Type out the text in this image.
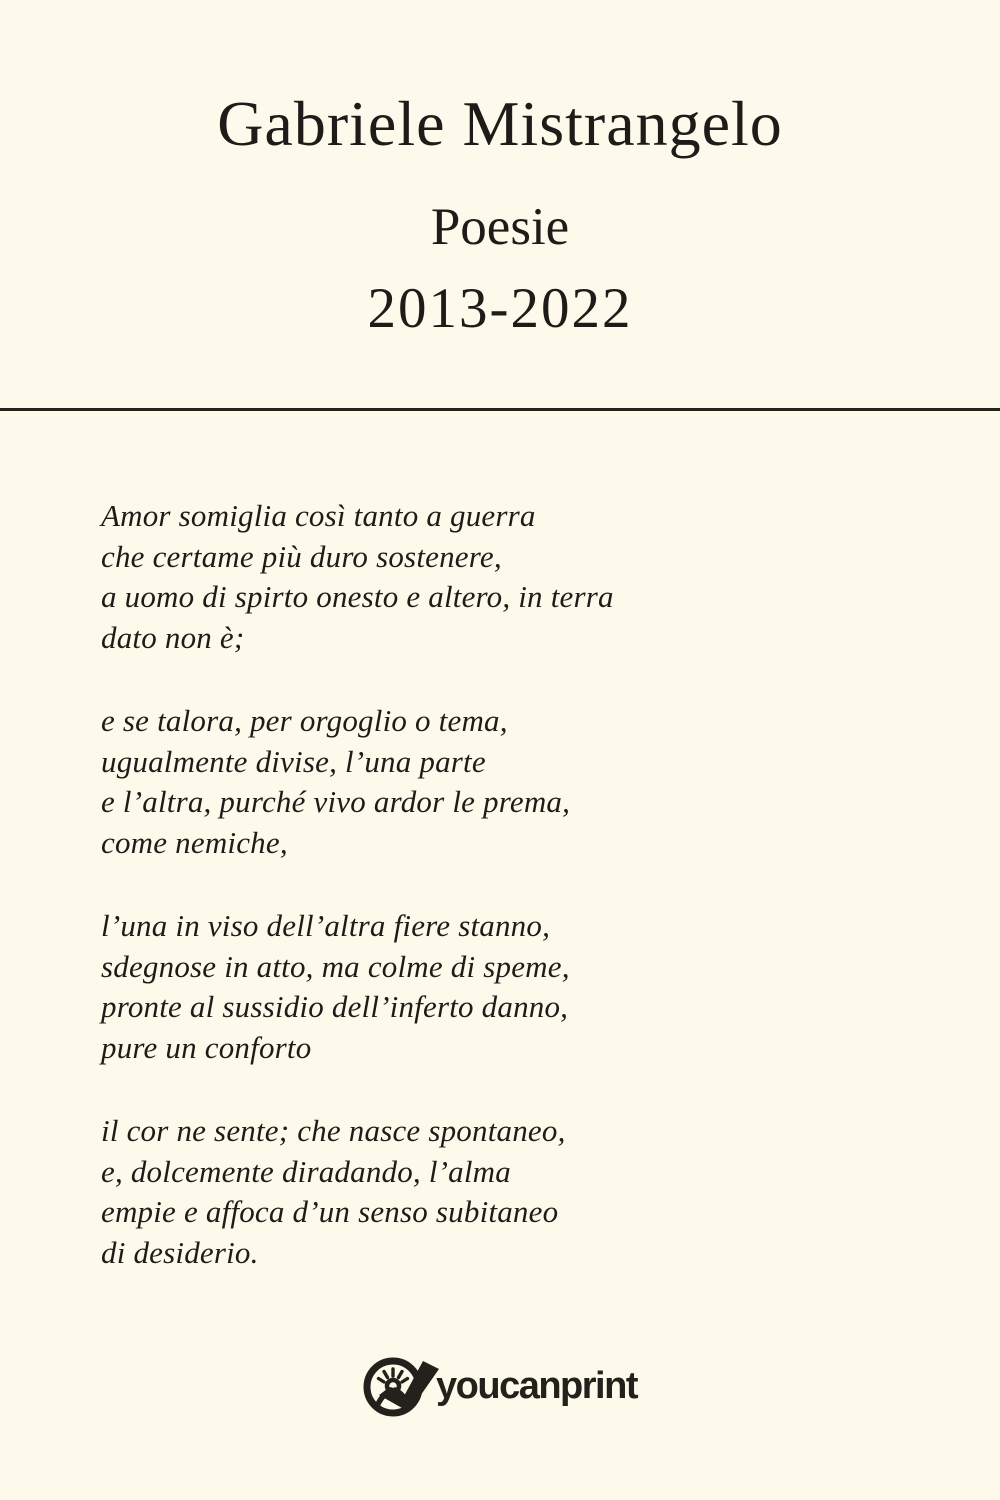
Gabriele Mistrangelo
Poesie
2013-2022

Amor somiglia così tanto a guerra

che certame più duro sostenere,

a uomo di spirto onesto e altero, in terra

dato non è;

e se talora, per orgoglio o tema,

ugualmente divise, l’una parte

e l’altra, purché vivo ardor le prema,

come nemiche,

l’una in viso dell’altra fiere stanno,

sdegnose in atto, ma colme di speme,

pronte al sussidio dell’inferto danno,

pure un conforto

il cor ne sente; che nasce spontaneo,

e, dolcemente diradando, l’alma

empie e affoca d’un senso subitaneo

di desiderio.

youcanprint
